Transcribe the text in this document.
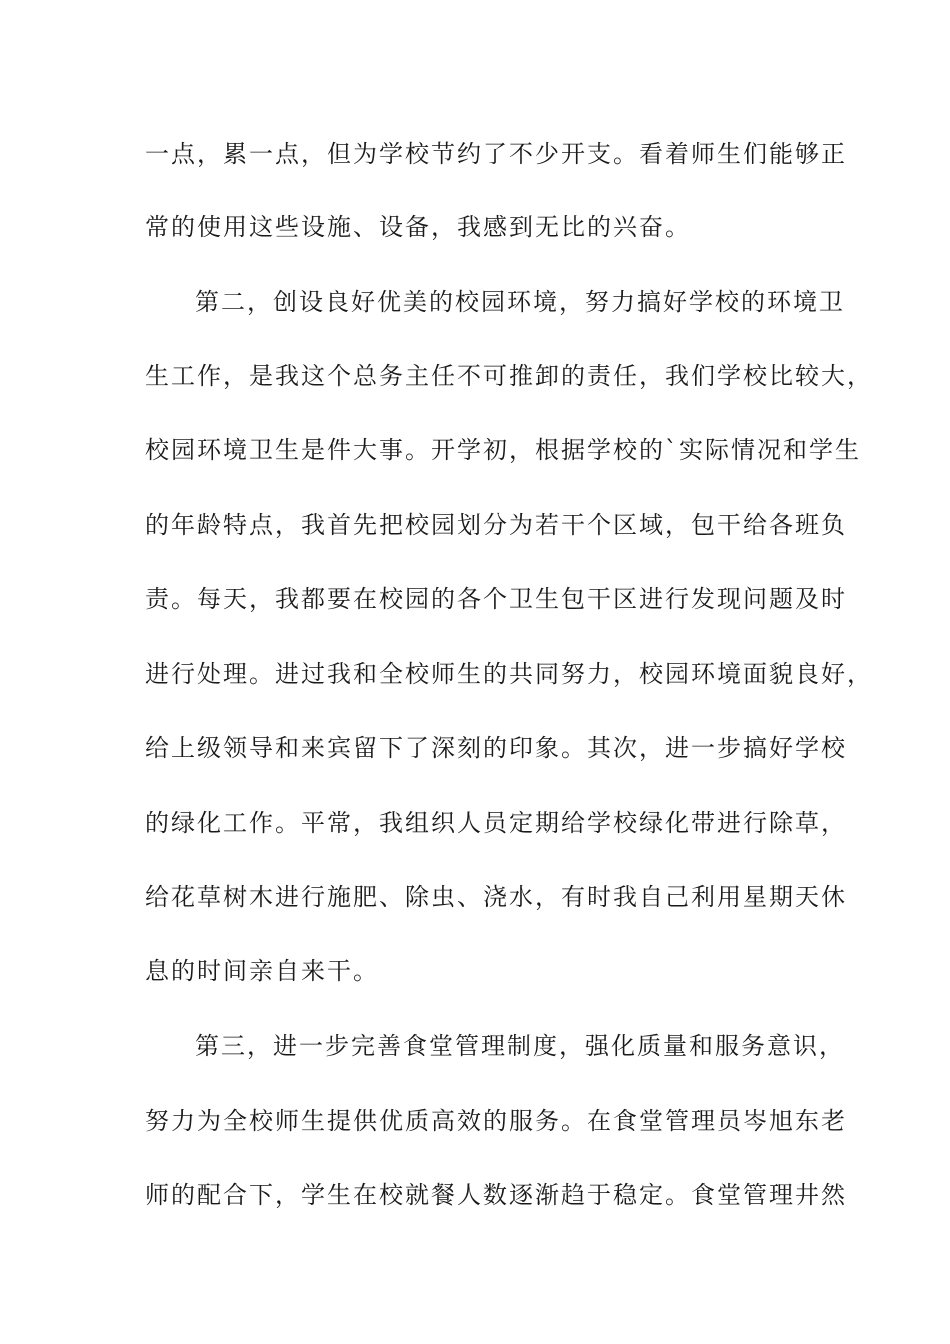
一点，累一点，但为学校节约了不少开支。看着师生们能够正
常的使用这些设施、设备，我感到无比的兴奋。
第二，创设良好优美的校园环境，努力搞好学校的环境卫
生工作，是我这个总务主任不可推卸的责任，我们学校比较大，
校园环境卫生是件大事。开学初，根据学校的`实际情况和学生
的年龄特点，我首先把校园划分为若干个区域，包干给各班负
责。每天，我都要在校园的各个卫生包干区进行发现问题及时
进行处理。进过我和全校师生的共同努力，校园环境面貌良好，
给上级领导和来宾留下了深刻的印象。其次，进一步搞好学校
的绿化工作。平常，我组织人员定期给学校绿化带进行除草，
给花草树木进行施肥、除虫、浇水，有时我自己利用星期天休
息的时间亲自来干。
第三，进一步完善食堂管理制度，强化质量和服务意识，
努力为全校师生提供优质高效的服务。在食堂管理员岑旭东老
师的配合下，学生在校就餐人数逐渐趋于稳定。食堂管理井然
